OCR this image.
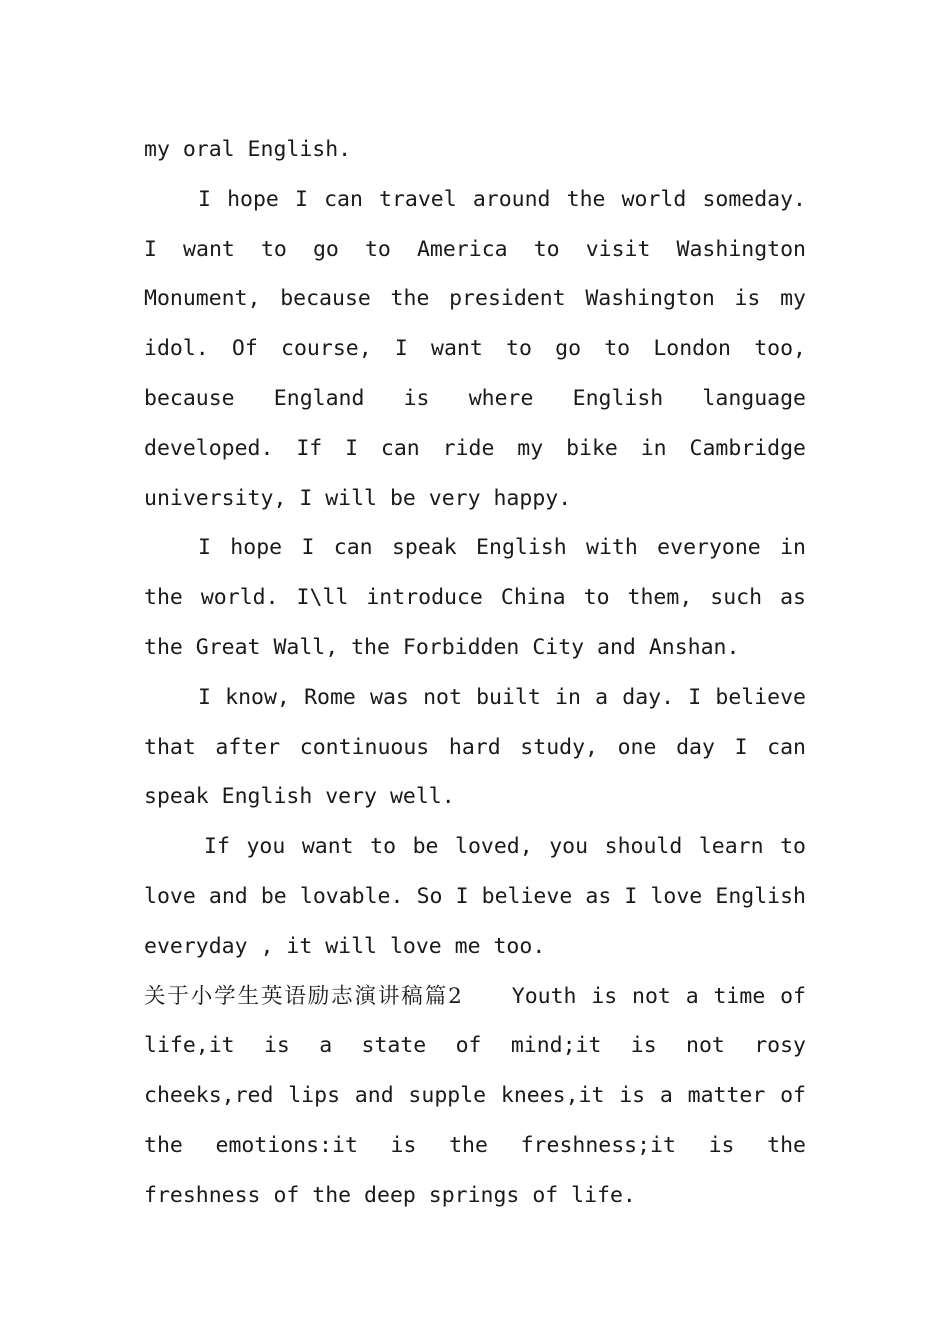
my oral English.

I hope I can travel around the world someday. I want to go to America to visit Washington Monument, because the president Washington is my idol. Of course, I want to go to London too, because England is where English language developed. If I can ride my bike in Cambridge university, I will be very happy.

I hope I can speak English with everyone in the world. I\ll introduce China to them, such as the Great Wall, the Forbidden City and Anshan.

I know, Rome was not built in a day. I believe that after continuous hard study, one day I can speak English very well.

If you want to be loved, you should learn to love and be lovable. So I believe as I love English everyday , it will love me too.

关于小学生英语励志演讲稿篇2 Youth is not a time of life,it is a state of mind;it is not rosy cheeks,red lips and supple knees,it is a matter of the emotions:it is the freshness;it is the freshness of the deep springs of life.
